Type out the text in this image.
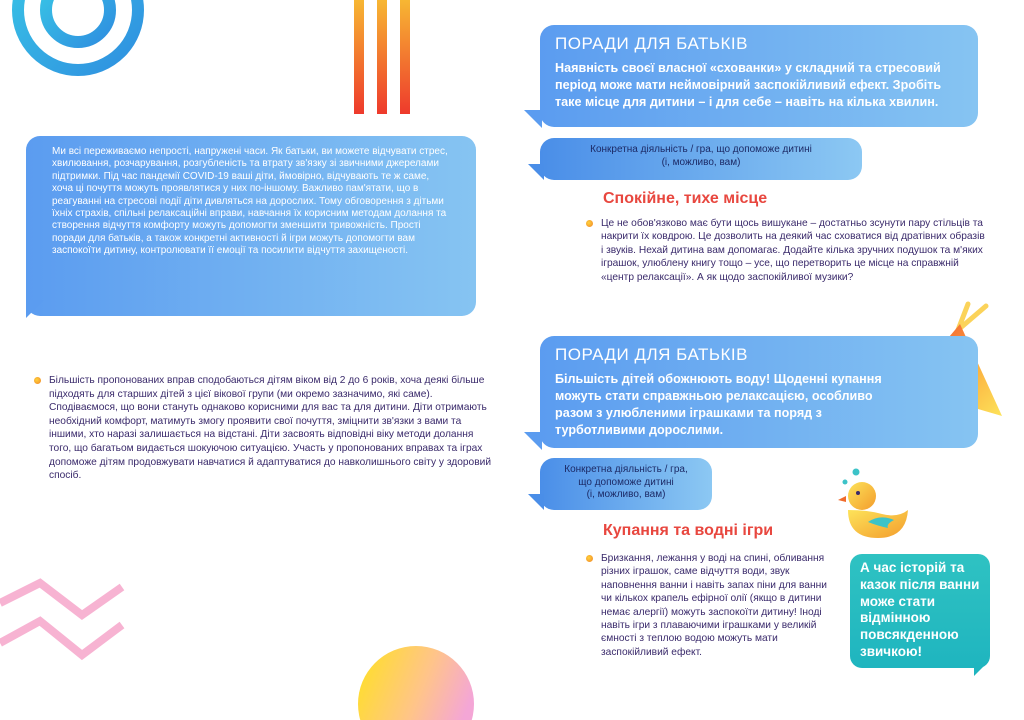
Ми всі переживаємо непрості, напружені часи. Як батьки, ви можете відчувати стрес, хвилювання, розчарування, розгубленість та втрату зв'язку зі звичними джерелами підтримки. Під час пандемії COVID-19 ваші діти, ймовірно, відчувають те ж саме, хоча ці почуття можуть проявлятися у них по-іншому. Важливо пам'ятати, що в реагуванні на стресові події діти дивляться на дорослих. Тому обговорення з дітьми їхніх страхів, спільні релаксаційні вправи, навчання їх корисним методам долання та створення відчуття комфорту можуть допомогти зменшити тривожність. Прості поради для батьків, а також конкретні активності й ігри можуть допомогти вам заспокоїти дитину, контролювати її емоції та посилити відчуття захищеності.

Більшість пропонованих вправ сподобаються дітям віком від 2 до 6 років, хоча деякі більше підходять для старших дітей з цієї вікової групи (ми окремо зазначимо, які саме). Сподіваємося, що вони стануть однаково корисними для вас та для дитини. Діти отримають необхідний комфорт, матимуть змогу проявити свої почуття, зміцнити зв'язки з вами та іншими, хто наразі залишається на відстані. Діти засвоять відповідні віку методи долання того, що багатьом видається шокуючою ситуацією. Участь у пропонованих вправах та іграх допоможе дітям продовжувати навчатися й адаптуватися до навколишнього світу у здоровий спосіб.

ПОРАДИ ДЛЯ БАТЬКІВ
Наявність своєї власної «схованки» у складний та стресовий період може мати неймовірний заспокійливий ефект. Зробіть таке місце для дитини – і для себе – навіть на кілька хвилин.
Конкретна діяльність / гра, що допоможе дитині
(і, можливо, вам)
Спокійне, тихе місце

Це не обов'язково має бути щось вишукане – достатньо зсунути пару стільців та накрити їх ковдрою. Це дозволить на деякий час сховатися від дратівних образів і звуків. Нехай дитина вам допомагає. Додайте кілька зручних подушок та м'яких іграшок, улюблену книгу тощо – усе, що перетворить це місце на справжній «центр релаксації». А як щодо заспокійливої музики?

ПОРАДИ ДЛЯ БАТЬКІВ
Більшість дітей обожнюють воду! Щоденні купання можуть стати справжньою релаксацією, особливо разом з улюбленими іграшками та поряд з турботливими дорослими.
Конкретна діяльність / гра,
що допоможе дитині
(і, можливо, вам)
Купання та водні ігри

Бризкання, лежання у воді на спині, обливання різних іграшок, саме відчуття води, звук наповнення ванни і навіть запах піни для ванни чи кількох крапель ефірної олії (якщо в дитини немає алергії) можуть заспокоїти дитину! Іноді навіть ігри з плаваючими іграшками у великій ємності з теплою водою можуть мати заспокійливий ефект.

А час історій та казок після ванни може стати відмінною повсякденною звичкою!
